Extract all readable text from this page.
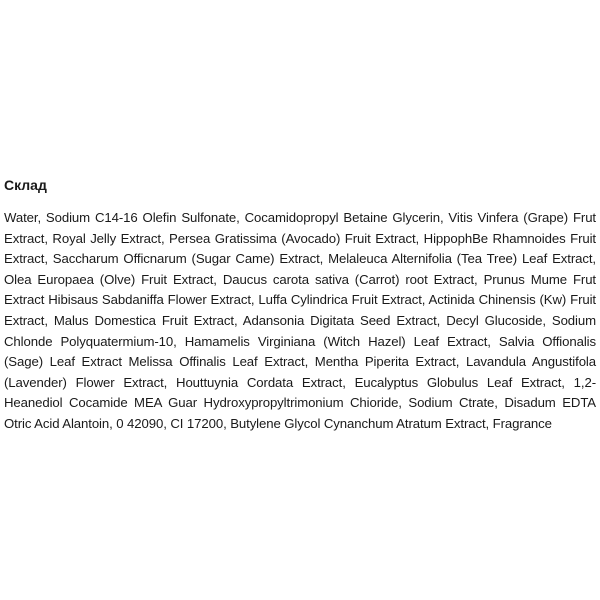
Склад

Water, Sodium C14-16 Olefin Sulfonate, Cocamidopropyl Betaine Glycerin, Vitis Vinfera (Grape) Frut Extract, Royal Jelly Extract, Persea Gratissima (Avocado) Fruit Extract, HippophBe Rhamnoides Fruit Extract, Saccharum Officnarum (Sugar Came) Extract, Melaleuca Alternifolia (Tea Tree) Leaf Extract, Olea Europaea (Olve) Fruit Extract, Daucus carota sativa (Carrot) root Extract, Prunus Mume Frut Extract Hibisaus Sabdaniffa Flower Extract, Luffa Cylindrica Fruit Extract, Actinida Chinensis (Kw) Fruit Extract, Malus Domestica Fruit Extract, Adansonia Digitata Seed Extract, Decyl Glucoside, Sodium Chlonde Polyquatermium-10, Hamamelis Virginiana (Witch Hazel) Leaf Extract, Salvia Offionalis (Sage) Leaf Extract Melissa Offinalis Leaf Extract, Mentha Piperita Extract, Lavandula Angustifola (Lavender) Flower Extract, Houttuynia Cordata Extract, Eucalyptus Globulus Leaf Extract, 1,2-Heanediol Cocamide MEA Guar Hydroxypropyltrimonium Chioride, Sodium Ctrate, Disadum EDTA Otric Acid Alantoin, 0 42090, CI 17200, Butylene Glycol Cynanchum Atratum Extract, Fragrance
